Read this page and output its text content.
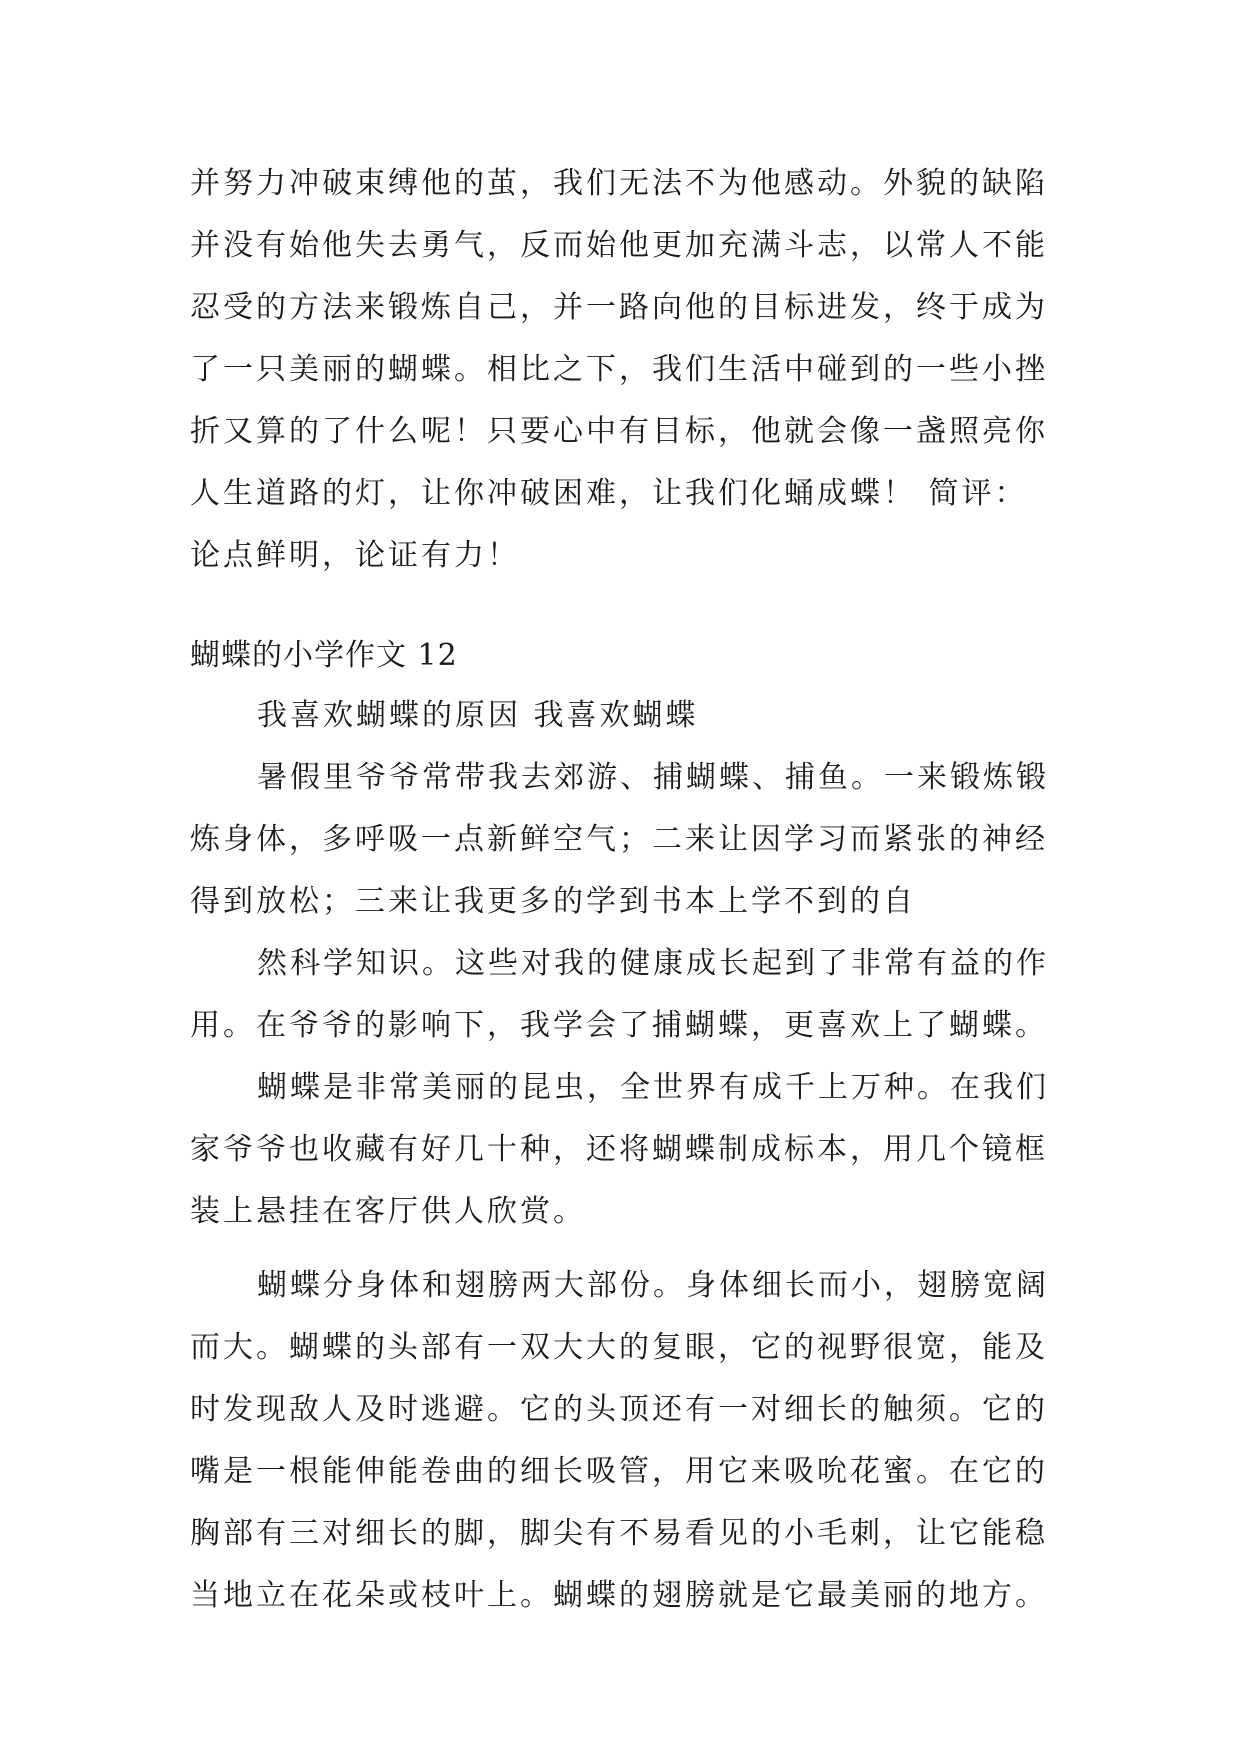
并努力冲破束缚他的茧，我们无法不为他感动。外貌的缺陷
并没有始他失去勇气，反而始他更加充满斗志，以常人不能
忍受的方法来锻炼自己，并一路向他的目标进发，终于成为
了一只美丽的蝴蝶。相比之下，我们生活中碰到的一些小挫
折又算的了什么呢！只要心中有目标，他就会像一盏照亮你
人生道路的灯，让你冲破困难，让我们化蛹成蝶！ 简评：
论点鲜明，论证有力！
蝴蝶的小学作文 12
我喜欢蝴蝶的原因 我喜欢蝴蝶
暑假里爷爷常带我去郊游、捕蝴蝶、捕鱼。一来锻炼锻
炼身体，多呼吸一点新鲜空气；二来让因学习而紧张的神经
得到放松；三来让我更多的学到书本上学不到的自
然科学知识。这些对我的健康成长起到了非常有益的作
用。在爷爷的影响下，我学会了捕蝴蝶，更喜欢上了蝴蝶。
蝴蝶是非常美丽的昆虫，全世界有成千上万种。在我们
家爷爷也收藏有好几十种，还将蝴蝶制成标本，用几个镜框
装上悬挂在客厅供人欣赏。
蝴蝶分身体和翅膀两大部份。身体细长而小，翅膀宽阔
而大。蝴蝶的头部有一双大大的复眼，它的视野很宽，能及
时发现敌人及时逃避。它的头顶还有一对细长的触须。它的
嘴是一根能伸能卷曲的细长吸管，用它来吸吮花蜜。在它的
胸部有三对细长的脚，脚尖有不易看见的小毛刺，让它能稳
当地立在花朵或枝叶上。蝴蝶的翅膀就是它最美丽的地方。
